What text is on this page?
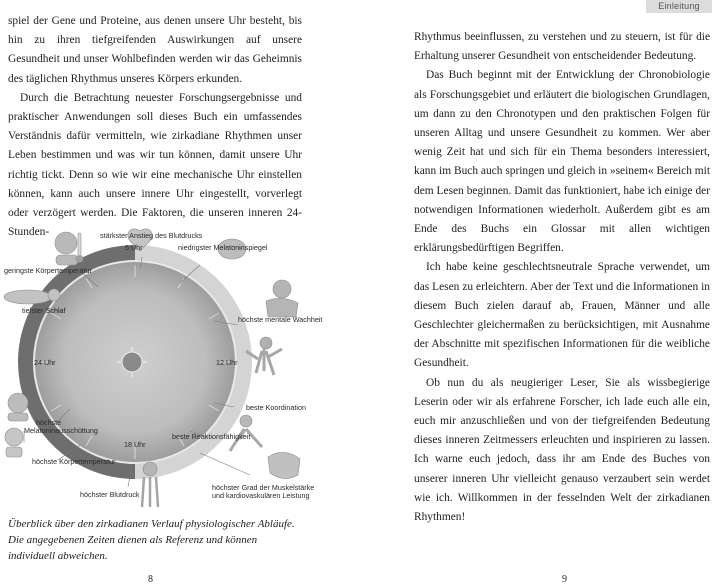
spiel der Gene und Proteine, aus denen unsere Uhr besteht, bis hin zu ihren tiefgreifenden Auswirkungen auf unsere Gesundheit und unser Wohlbefinden werden wir das Geheimnis des täglichen Rhythmus unseres Körpers erkunden.

Durch die Betrachtung neuester Forschungsergebnisse und praktischer Anwendungen soll dieses Buch ein umfassendes Verständnis dafür vermitteln, wie zirkadiane Rhythmen unser Leben bestimmen und was wir tun können, damit unsere Uhr richtig tickt. Denn so wie wir eine mechanische Uhr einstellen können, kann auch unsere innere Uhr eingestellt, vorverlegt oder verzögert werden. Die Faktoren, die unseren inneren 24-Stunden-

geringste Körpertemperatur
stärkster Anstieg des Blutdrucks
6 Uhr	niedrigster Melatoninspiegel
tiefster Schlaf
höchste mentale Wachheit
24 Uhr	12 Uhr
beste Koordination
höchste
Melatoninausschüttung
18 Uhr
beste Reaktionsfähigkeit
höchste Körpertemperatur
höchster Blutdruck
höchster Grad der Muskelstärke
und kardiovaskulären Leistung
Überblick über den zirkadianen Verlauf physiologischer Abläufe. Die angegebenen Zeiten dienen als Referenz und können individuell abweichen.
8
Einleitung

Rhythmus beeinflussen, zu verstehen und zu steuern, ist für die Erhaltung unserer Gesundheit von entscheidender Bedeutung.

Das Buch beginnt mit der Entwicklung der Chronobiologie als Forschungsgebiet und erläutert die biologischen Grundlagen, um dann zu den Chronotypen und den praktischen Folgen für unseren Alltag und unsere Gesundheit zu kommen. Wer aber wenig Zeit hat und sich für ein Thema besonders interessiert, kann im Buch auch springen und gleich in »seinem« Bereich mit dem Lesen beginnen. Damit das funktioniert, habe ich einige der notwendigen Informationen wiederholt. Außerdem gibt es am Ende des Buchs ein Glossar mit allen wichtigen erklärungsbedürftigen Begriffen.

Ich habe keine geschlechtsneutrale Sprache verwendet, um das Lesen zu erleichtern. Aber der Text und die Informationen in diesem Buch zielen darauf ab, Frauen, Männer und alle Geschlechter gleichermaßen zu berücksichtigen, mit Ausnahme der Abschnitte mit spezifischen Informationen für die weibliche Gesundheit.

Ob nun du als neugieriger Leser, Sie als wissbegierige Leserin oder wir als erfahrene Forscher, ich lade euch alle ein, euch mir anzuschließen und von der tiefgreifenden Bedeutung dieses inneren Zeitmessers erleuchten und inspirieren zu lassen. Ich warne euch jedoch, dass ihr am Ende des Buches von unserer inneren Uhr vielleicht genauso verzaubert sein werdet wie ich. Willkommen in der fesselnden Welt der zirkadianen Rhythmen!

9
